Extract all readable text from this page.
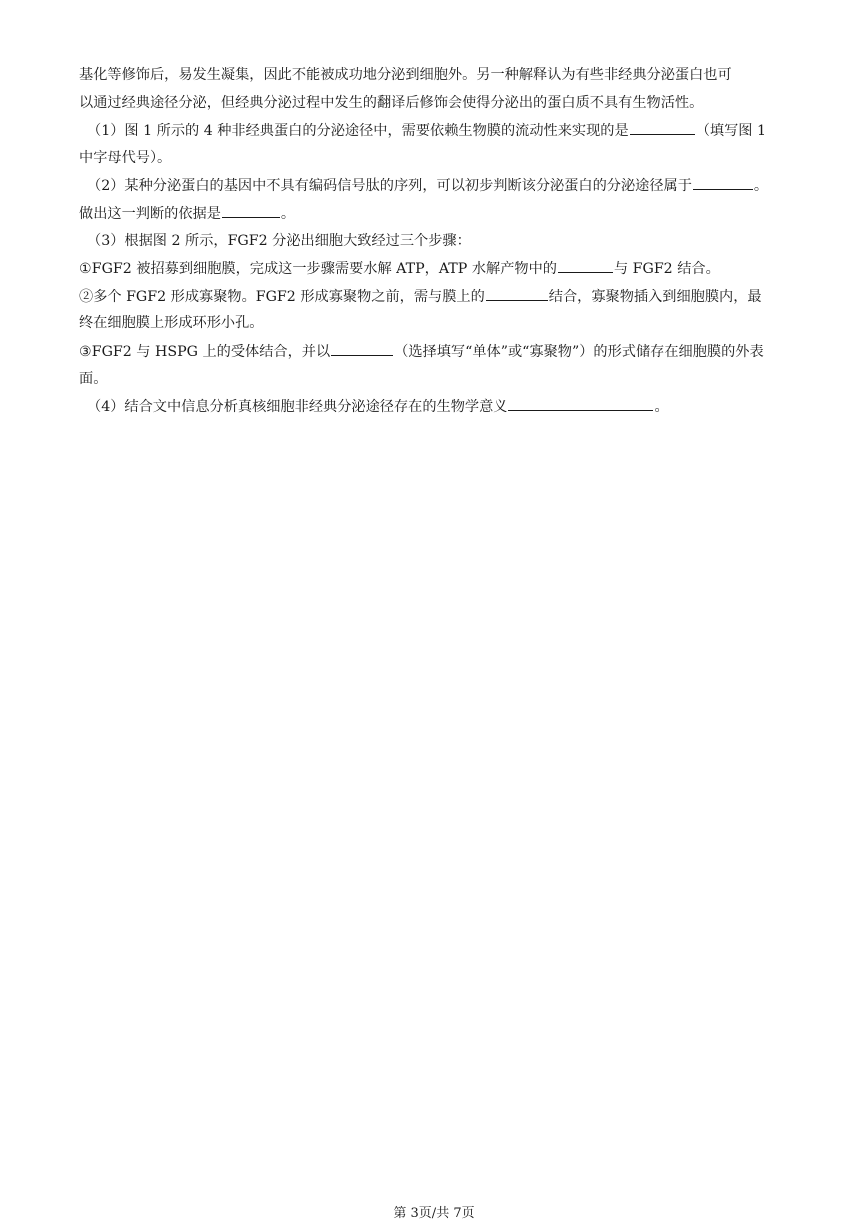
基化等修饰后，易发生凝集，因此不能被成功地分泌到细胞外。另一种解释认为有些非经典分泌蛋白也可
以通过经典途径分泌，但经典分泌过程中发生的翻译后修饰会使得分泌出的蛋白质不具有生物活性。
（1）图 1 所示的 4 种非经典蛋白的分泌途径中，需要依赖生物膜的流动性来实现的是	（填写图 1
中字母代号）。
（2）某种分泌蛋白的基因中不具有编码信号肽的序列，可以初步判断该分泌蛋白的分泌途径属于	。
做出这一判断的依据是	。
（3）根据图 2 所示，FGF2 分泌出细胞大致经过三个步骤：
①FGF2 被招募到细胞膜，完成这一步骤需要水解 ATP，ATP 水解产物中的	与 FGF2 结合。
②多个 FGF2 形成寡聚物。FGF2 形成寡聚物之前，需与膜上的	结合，寡聚物插入到细胞膜内，最
终在细胞膜上形成环形小孔。
③FGF2 与 HSPG 上的受体结合，并以	（选择填写“单体”或“寡聚物”）的形式储存在细胞膜的外表
面。
（4）结合文中信息分析真核细胞非经典分泌途径存在的生物学意义	。
第 3页/共 7页
